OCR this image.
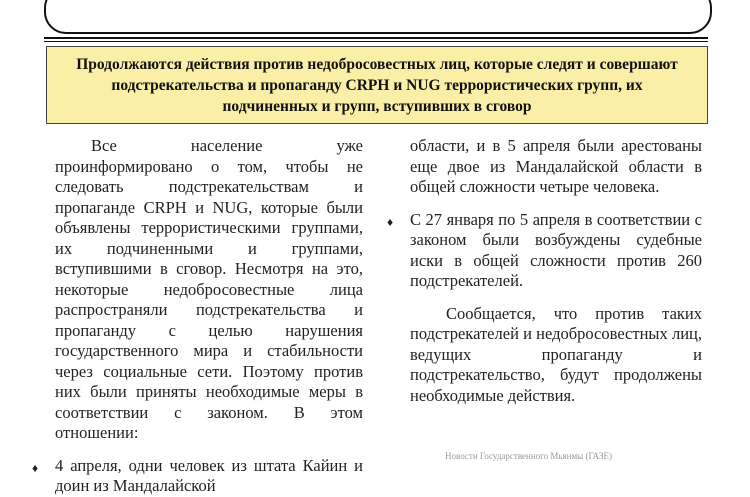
Продолжаются действия против недобросовестных лиц, которые следят и совершают подстрекательства и пропаганду CRPH и NUG террористических групп, их подчиненных и групп, вступивших в сговор

Все население уже проинформировано о том, чтобы не следовать подстрекательствам и пропаганде CRPH и NUG, которые были объявлены террористическими группами, их подчиненными и группами, вступившими в сговор. Несмотря на это, некоторые недобросовестные лица распространяли подстрекательства и пропаганду с целью нарушения государственного мира и стабильности через социальные сети. Поэтому против них были приняты необходимые меры в соответствии с законом. В этом отношении:

♦ 4 апреля, одни человек из штата Кайин и доин из Мандалайской

области, и в 5 апреля были арестованы еще двое из Мандалайской области в общей сложности четыре человека.

♦ С 27 января по 5 апреля в соответствии с законом были возбуждены судебные иски в общей сложности против 260 подстрекателей.

Сообщается, что против таких подстрекателей и недобросовестных лиц, ведущих пропаганду и подстрекательство, будут продолжены необходимые действия.

Новости Государственного Мьянмы (ГАЗЕ)
